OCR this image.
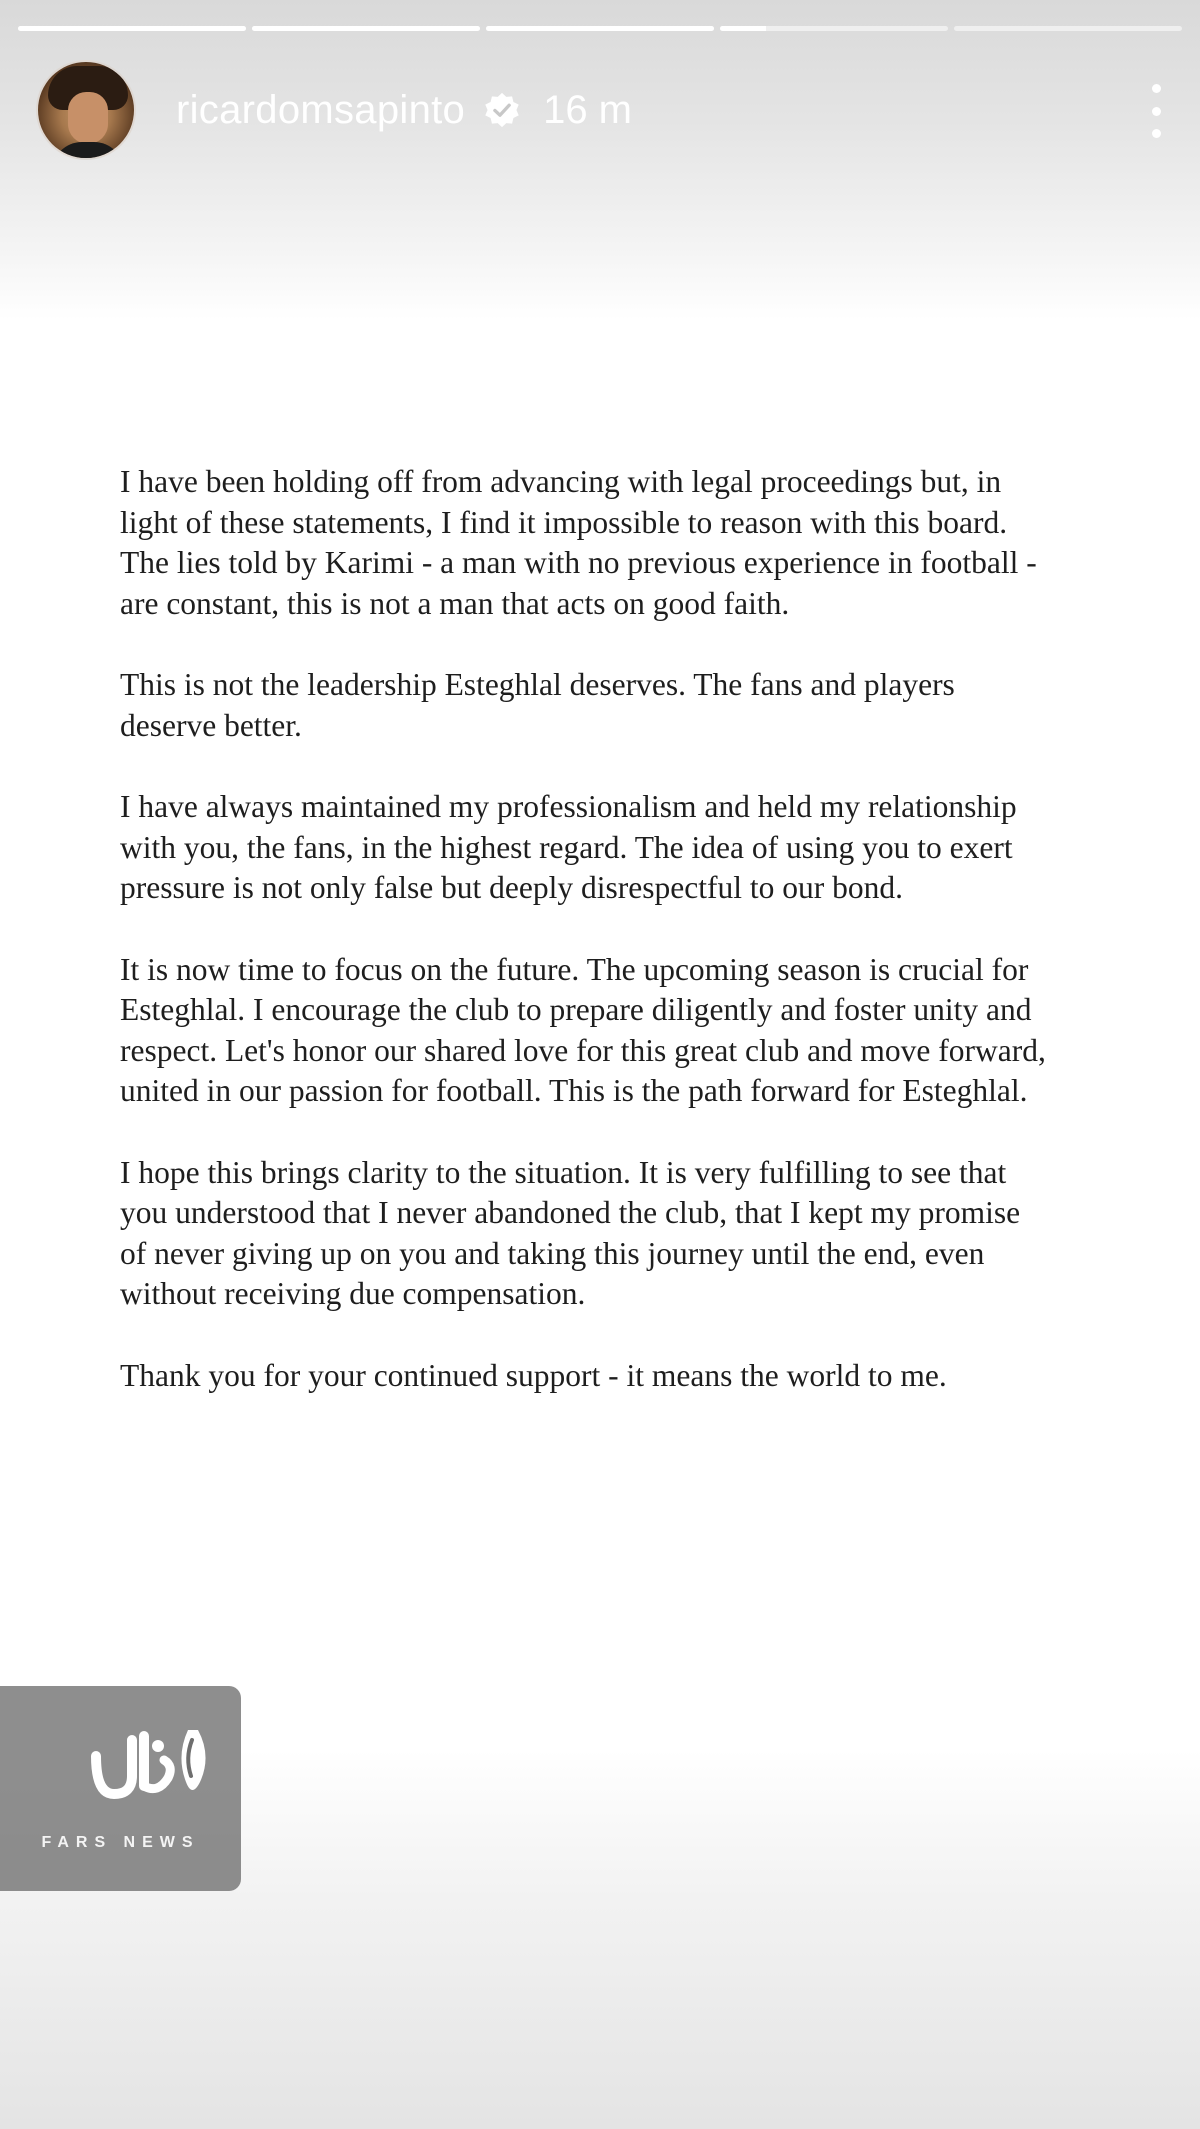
ricardomsapinto 16 m

I have been holding off from advancing with legal proceedings but, in light of these statements, I find it impossible to reason with this board. The lies told by Karimi - a man with no previous experience in football - are constant, this is not a man that acts on good faith.

This is not the leadership Esteghlal deserves. The fans and players deserve better.

I have always maintained my professionalism and held my relationship with you, the fans, in the highest regard. The idea of using you to exert pressure is not only false but deeply disrespectful to our bond.

It is now time to focus on the future. The upcoming season is crucial for Esteghlal. I encourage the club to prepare diligently and foster unity and respect. Let's honor our shared love for this great club and move forward, united in our passion for football. This is the path forward for Esteghlal.

I hope this brings clarity to the situation. It is very fulfilling to see that you understood that I never abandoned the club, that I kept my promise of never giving up on you and taking this journey until the end, even without receiving due compensation.

Thank you for your continued support - it means the world to me.

FARS NEWS
